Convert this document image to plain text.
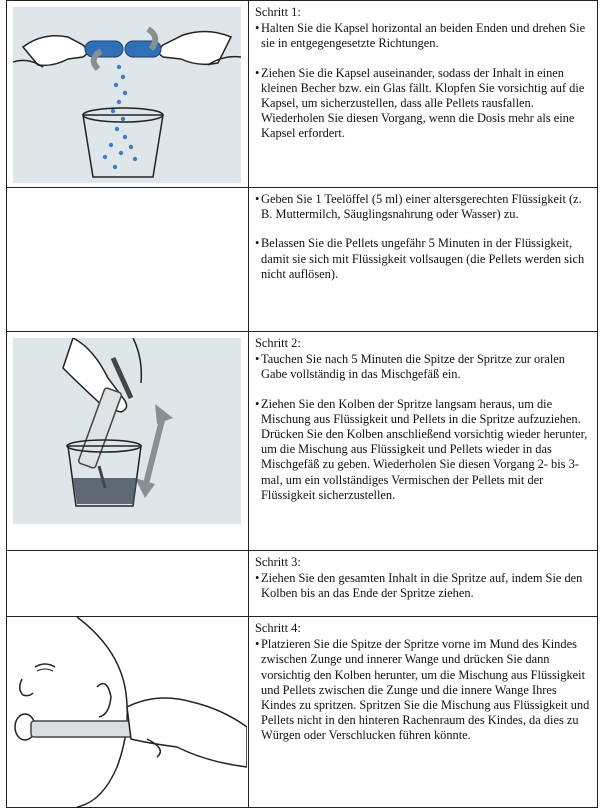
Schritt 1:
• Halten Sie die Kapsel horizontal an beiden Enden und drehen Sie sie in entgegengesetzte Richtungen.
• Ziehen Sie die Kapsel auseinander, sodass der Inhalt in einen kleinen Becher bzw. ein Glas fällt. Klopfen Sie vorsichtig auf die Kapsel, um sicherzustellen, dass alle Pellets rausfallen. Wiederholen Sie diesen Vorgang, wenn die Dosis mehr als eine Kapsel erfordert.
• Geben Sie 1 Teelöffel (5 ml) einer altersgerechten Flüssigkeit (z. B. Muttermilch, Säuglingsnahrung oder Wasser) zu.
• Belassen Sie die Pellets ungefähr 5 Minuten in der Flüssigkeit, damit sie sich mit Flüssigkeit vollsaugen (die Pellets werden sich nicht auflösen).
Schritt 2:
• Tauchen Sie nach 5 Minuten die Spitze der Spritze zur oralen Gabe vollständig in das Mischgefäß ein.
• Ziehen Sie den Kolben der Spritze langsam heraus, um die Mischung aus Flüssigkeit und Pellets in die Spritze aufzuziehen. Drücken Sie den Kolben anschließend vorsichtig wieder herunter, um die Mischung aus Flüssigkeit und Pellets wieder in das Mischgefäß zu geben. Wiederholen Sie diesen Vorgang 2- bis 3-mal, um ein vollständiges Vermischen der Pellets mit der Flüssigkeit sicherzustellen.
Schritt 3:
• Ziehen Sie den gesamten Inhalt in die Spritze auf, indem Sie den Kolben bis an das Ende der Spritze ziehen.
Schritt 4:
• Platzieren Sie die Spitze der Spritze vorne im Mund des Kindes zwischen Zunge und innerer Wange und drücken Sie dann vorsichtig den Kolben herunter, um die Mischung aus Flüssigkeit und Pellets zwischen die Zunge und die innere Wange Ihres Kindes zu spritzen. Spritzen Sie die Mischung aus Flüssigkeit und Pellets nicht in den hinteren Rachenraum des Kindes, da dies zu Würgen oder Verschlucken führen könnte.
